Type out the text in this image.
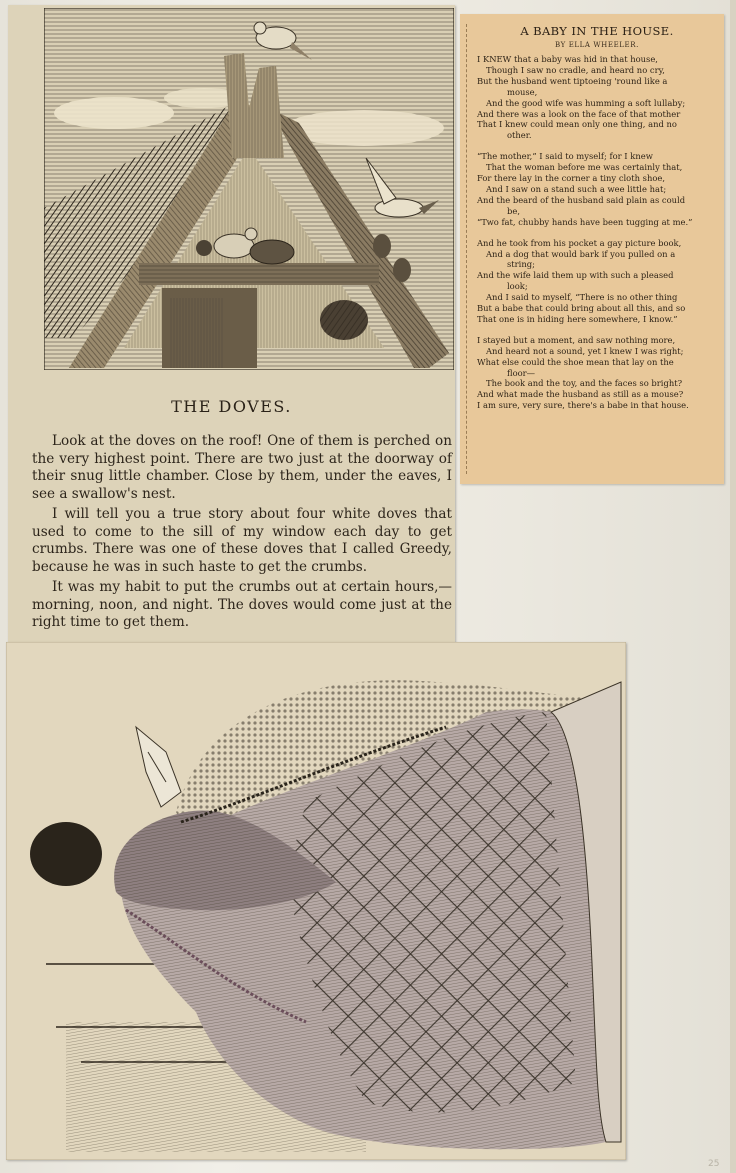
THE DOVES.

Look at the doves on the roof! One of them is perched on the very highest point. There are two just at the doorway of their snug little chamber. Close by them, under the eaves, I see a swallow's nest.

I will tell you a true story about four white doves that used to come to the sill of my window each day to get crumbs. There was one of these doves that I called Greedy, because he was in such haste to get the crumbs.

It was my habit to put the crumbs out at certain hours,—morning, noon, and night. The doves would come just at the right time to get them.

A BABY IN THE HOUSE.
BY ELLA WHEELER.
I KNEW that a baby was hid in that house,
Though I saw no cradle, and heard no cry,
But the husband went tiptoeing 'round like a
mouse,
And the good wife was humming a soft lullaby;
And there was a look on the face of that mother
That I knew could mean only one thing, and no
other.
“The mother,” I said to myself; for I knew
That the woman before me was certainly that,
For there lay in the corner a tiny cloth shoe,
And I saw on a stand such a wee little hat;
And the beard of the husband said plain as could
be,
“Two fat, chubby hands have been tugging at me.”
And he took from his pocket a gay picture book,
And a dog that would bark if you pulled on a
string;
And the wife laid them up with such a pleased
look;
And I said to myself, “There is no other thing
But a babe that could bring about all this, and so
That one is in hiding here somewhere, I know.”
I stayed but a moment, and saw nothing more,
And heard not a sound, yet I knew I was right;
What else could the shoe mean that lay on the
floor—
The book and the toy, and the faces so bright?
And what made the husband as still as a mouse?
I am sure, very sure, there's a babe in that house.
25
